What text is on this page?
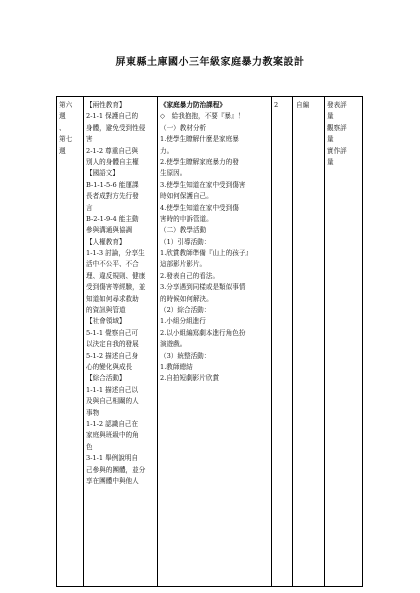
屏東縣土庫國小三年級家庭暴力教案設計
第六
週
、
第七
週
【兩性教育】
2-1-1 保護自己的
身體，避免受到性侵
害
2-1-2 尊重自己與
別人的身體自主權
【國語文】
B-1-1-5-6 能運課
長者成對方先行發
言
B-2-1-9-4 能主動
參與溝通與協調
【人權教育】
1-1-3 討論，分享生
活中不公平、不合
理、違反規則、健康
受到傷害等經驗，並
知道如何尋求救助
的資訊與管道
【社會領域】
5-1-1 覺察自己可
以決定自我的發展
5-1-2 描述自己身
心的變化與成長
【綜合活動】
1-1-1 描述自己以
及與自己相關的人
事物
1-1-2 認識自己在
家庭與班級中的角
色
3-1-1 舉例說明自
己參與的團體，並分
享在團體中與他人
《家庭暴力防治課程》
◇　給我抱抱，不要『暴』！
（一）教材分析
1.使學生瞭解什麼是家庭暴
力。
2.使學生瞭解家庭暴力的發
生原因。
3.使學生知道在家中受到傷害
時如何保護自己。
4.使學生知道在家中受到傷
害時的申訴管道。
（二）教學活動
（1）引導活動：
1.欣賞教師準備『山上的孩子』
這部影片影片。
2.發表自己的看法。
3.分享遇到同樣或是類似事情
的時候如何解決。
（2）綜合活動：
1.小組分組進行
2.以小組編寫劇本進行角色扮
演遊戲。
（3）統整活動：
1.教師總結
2.自拍短劇影片欣賞
2	自編	發表評
量
觀察評
量
實作評
量
